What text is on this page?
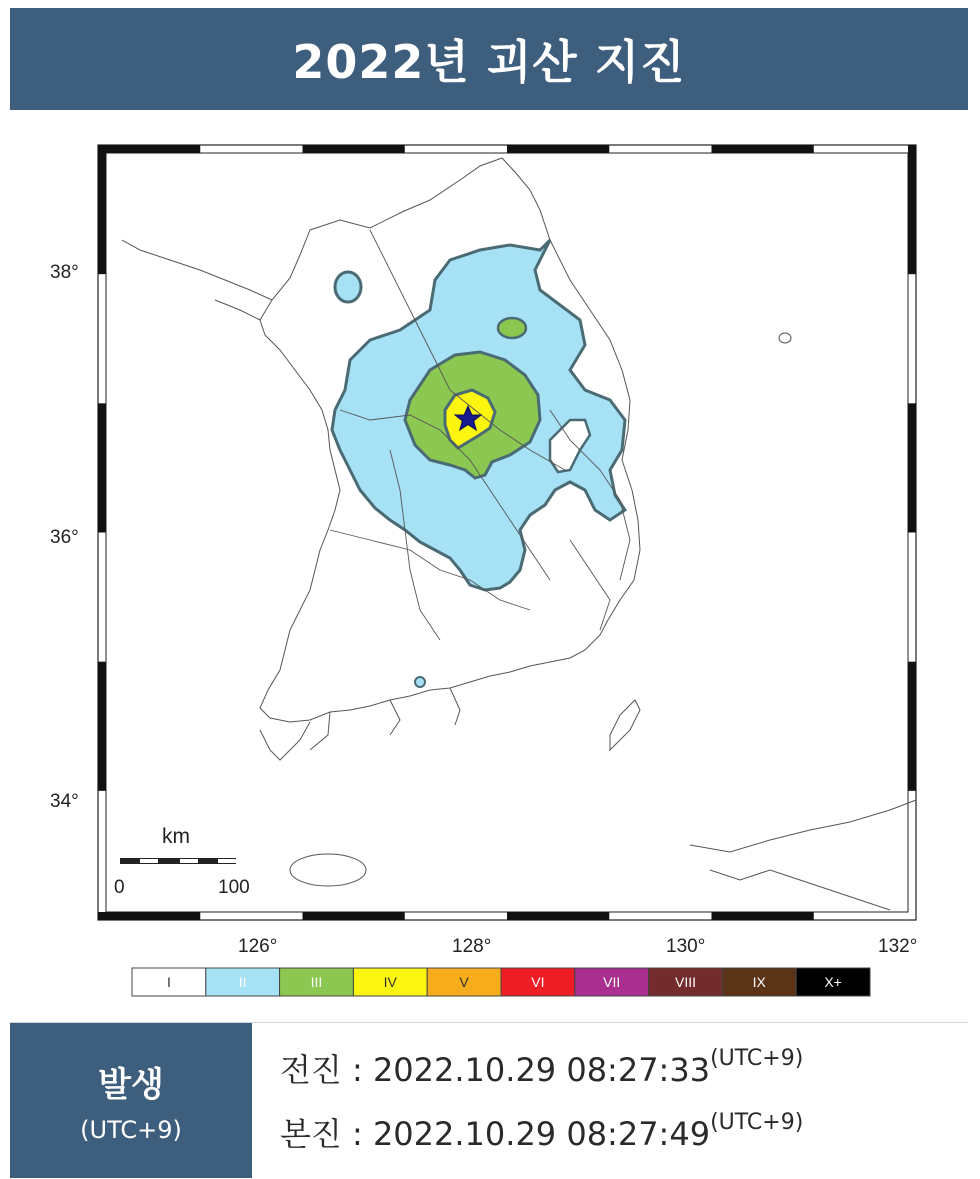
2022년 괴산 지진
km
0	100
38°
36°
34°
126°	128°	130°	132°
I	II	III	IV	V	VI	VII	VIII	IX	X+
발생
(UTC+9)
전진 : 2022.10.29 $08:27:33^{(UTC+9)}$
본진 : 2022.10.29 $08:27:49^{(UTC+9)}$
